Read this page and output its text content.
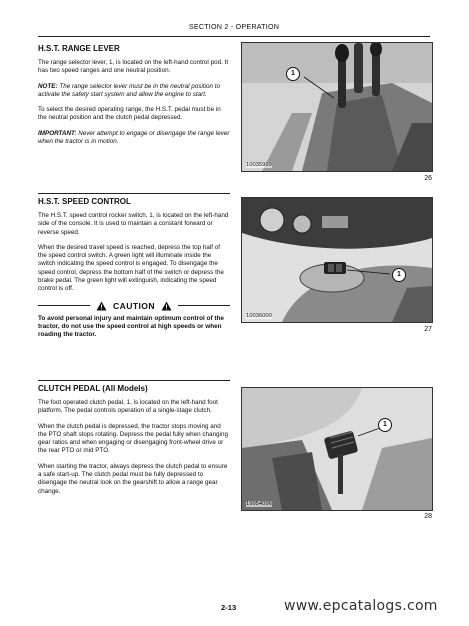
SECTION 2 - OPERATION
H.S.T. RANGE LEVER

The range selector lever, 1, is located on the left-hand control pod. It has two speed ranges and one neutral position.

NOTE: The range selector lever must be in the neutral position to activate the safety start system and allow the engine to start.

To select the desired operating range, the H.S.T. pedal must be in the neutral position and the clutch pedal depressed.

IMPORTANT: Never attempt to engage or disengage the range lever when the tractor is in motion.

H.S.T. SPEED CONTROL

The H.S.T. speed control rocker switch, 1, is located on the left-hand side of the console. It is used to maintain a constant forward or reverse speed.

When the desired travel speed is reached, depress the top half of the speed control switch. A green light will illuminate inside the switch indicating the speed control is engaged. To disengage the speed control, depress the bottom half of the switch or depress the brake pedal. The green light will extinguish, indicating the speed control is off.

CAUTION

To avoid personal injury and maintain optimum control of the tractor, do not use the speed control at high speeds or when roading the tractor.

CLUTCH PEDAL (All Models)

The foot operated clutch pedal, 1, is located on the left-hand foot platform. The pedal controls operation of a single-stage clutch.

When the clutch pedal is depressed, the tractor stops moving and the PTO shaft stops rotating. Depress the pedal fully when changing gear ratios and when engaging or disengaging front-wheel drive or the rear PTO or mid PTO.

When starting the tractor, always depress the clutch pedal to ensure a safe start-up. The clutch pedal must be fully depressed to disengage the neutral look on the gearshift to allow a range gear change.

1
10035999
26
1
10036000
27
1
19954096
28
2-13	www.epcatalogs.com
